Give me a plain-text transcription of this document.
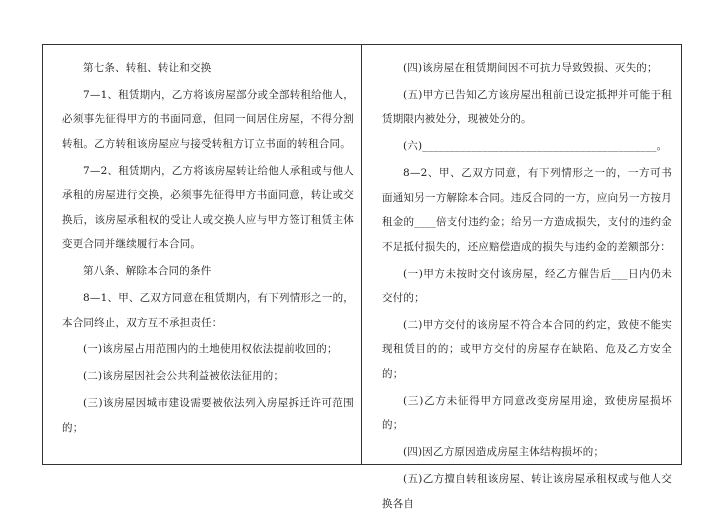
第七条、转租、转让和交换

7—1、租赁期内，乙方将该房屋部分或全部转租给他人，必须事先征得甲方的书面同意，但同一间居住房屋，不得分割转租。乙方转租该房屋应与接受转租方订立书面的转租合同。

7—2、租赁期内，乙方将该房屋转让给他人承租或与他人承租的房屋进行交换，必须事先征得甲方书面同意，转让或交换后，该房屋承租权的受让人或交换人应与甲方签订租赁主体变更合同并继续履行本合同。

第八条、解除本合同的条件

8—1、甲、乙双方同意在租赁期内，有下列情形之一的，本合同终止，双方互不承担责任：

(一)该房屋占用范围内的土地使用权依法提前收回的；

(二)该房屋因社会公共利益被依法征用的；

(三)该房屋因城市建设需要被依法列入房屋拆迁许可范围的；

(四)该房屋在租赁期间因不可抗力导致毁损、灭失的；

(五)甲方已告知乙方该房屋出租前已设定抵押并可能于租赁期限内被处分，现被处分的。

(六)___________________________________________。

8—2、甲、乙双方同意，有下列情形之一的，一方可书面通知另一方解除本合同。违反合同的一方，应向另一方按月租金的____倍支付违约金；给另一方造成损失，支付的违约金不足抵付损失的，还应赔偿造成的损失与违约金的差额部分：

(一)甲方未按时交付该房屋，经乙方催告后___日内仍未交付的；

(二)甲方交付的该房屋不符合本合同的约定，致使不能实现租赁目的的；或甲方交付的房屋存在缺陷、危及乙方安全的；

(三)乙方未征得甲方同意改变房屋用途，致使房屋损坏的；

(四)因乙方原因造成房屋主体结构损坏的；

(五)乙方擅自转租该房屋、转让该房屋承租权或与他人交换各自
